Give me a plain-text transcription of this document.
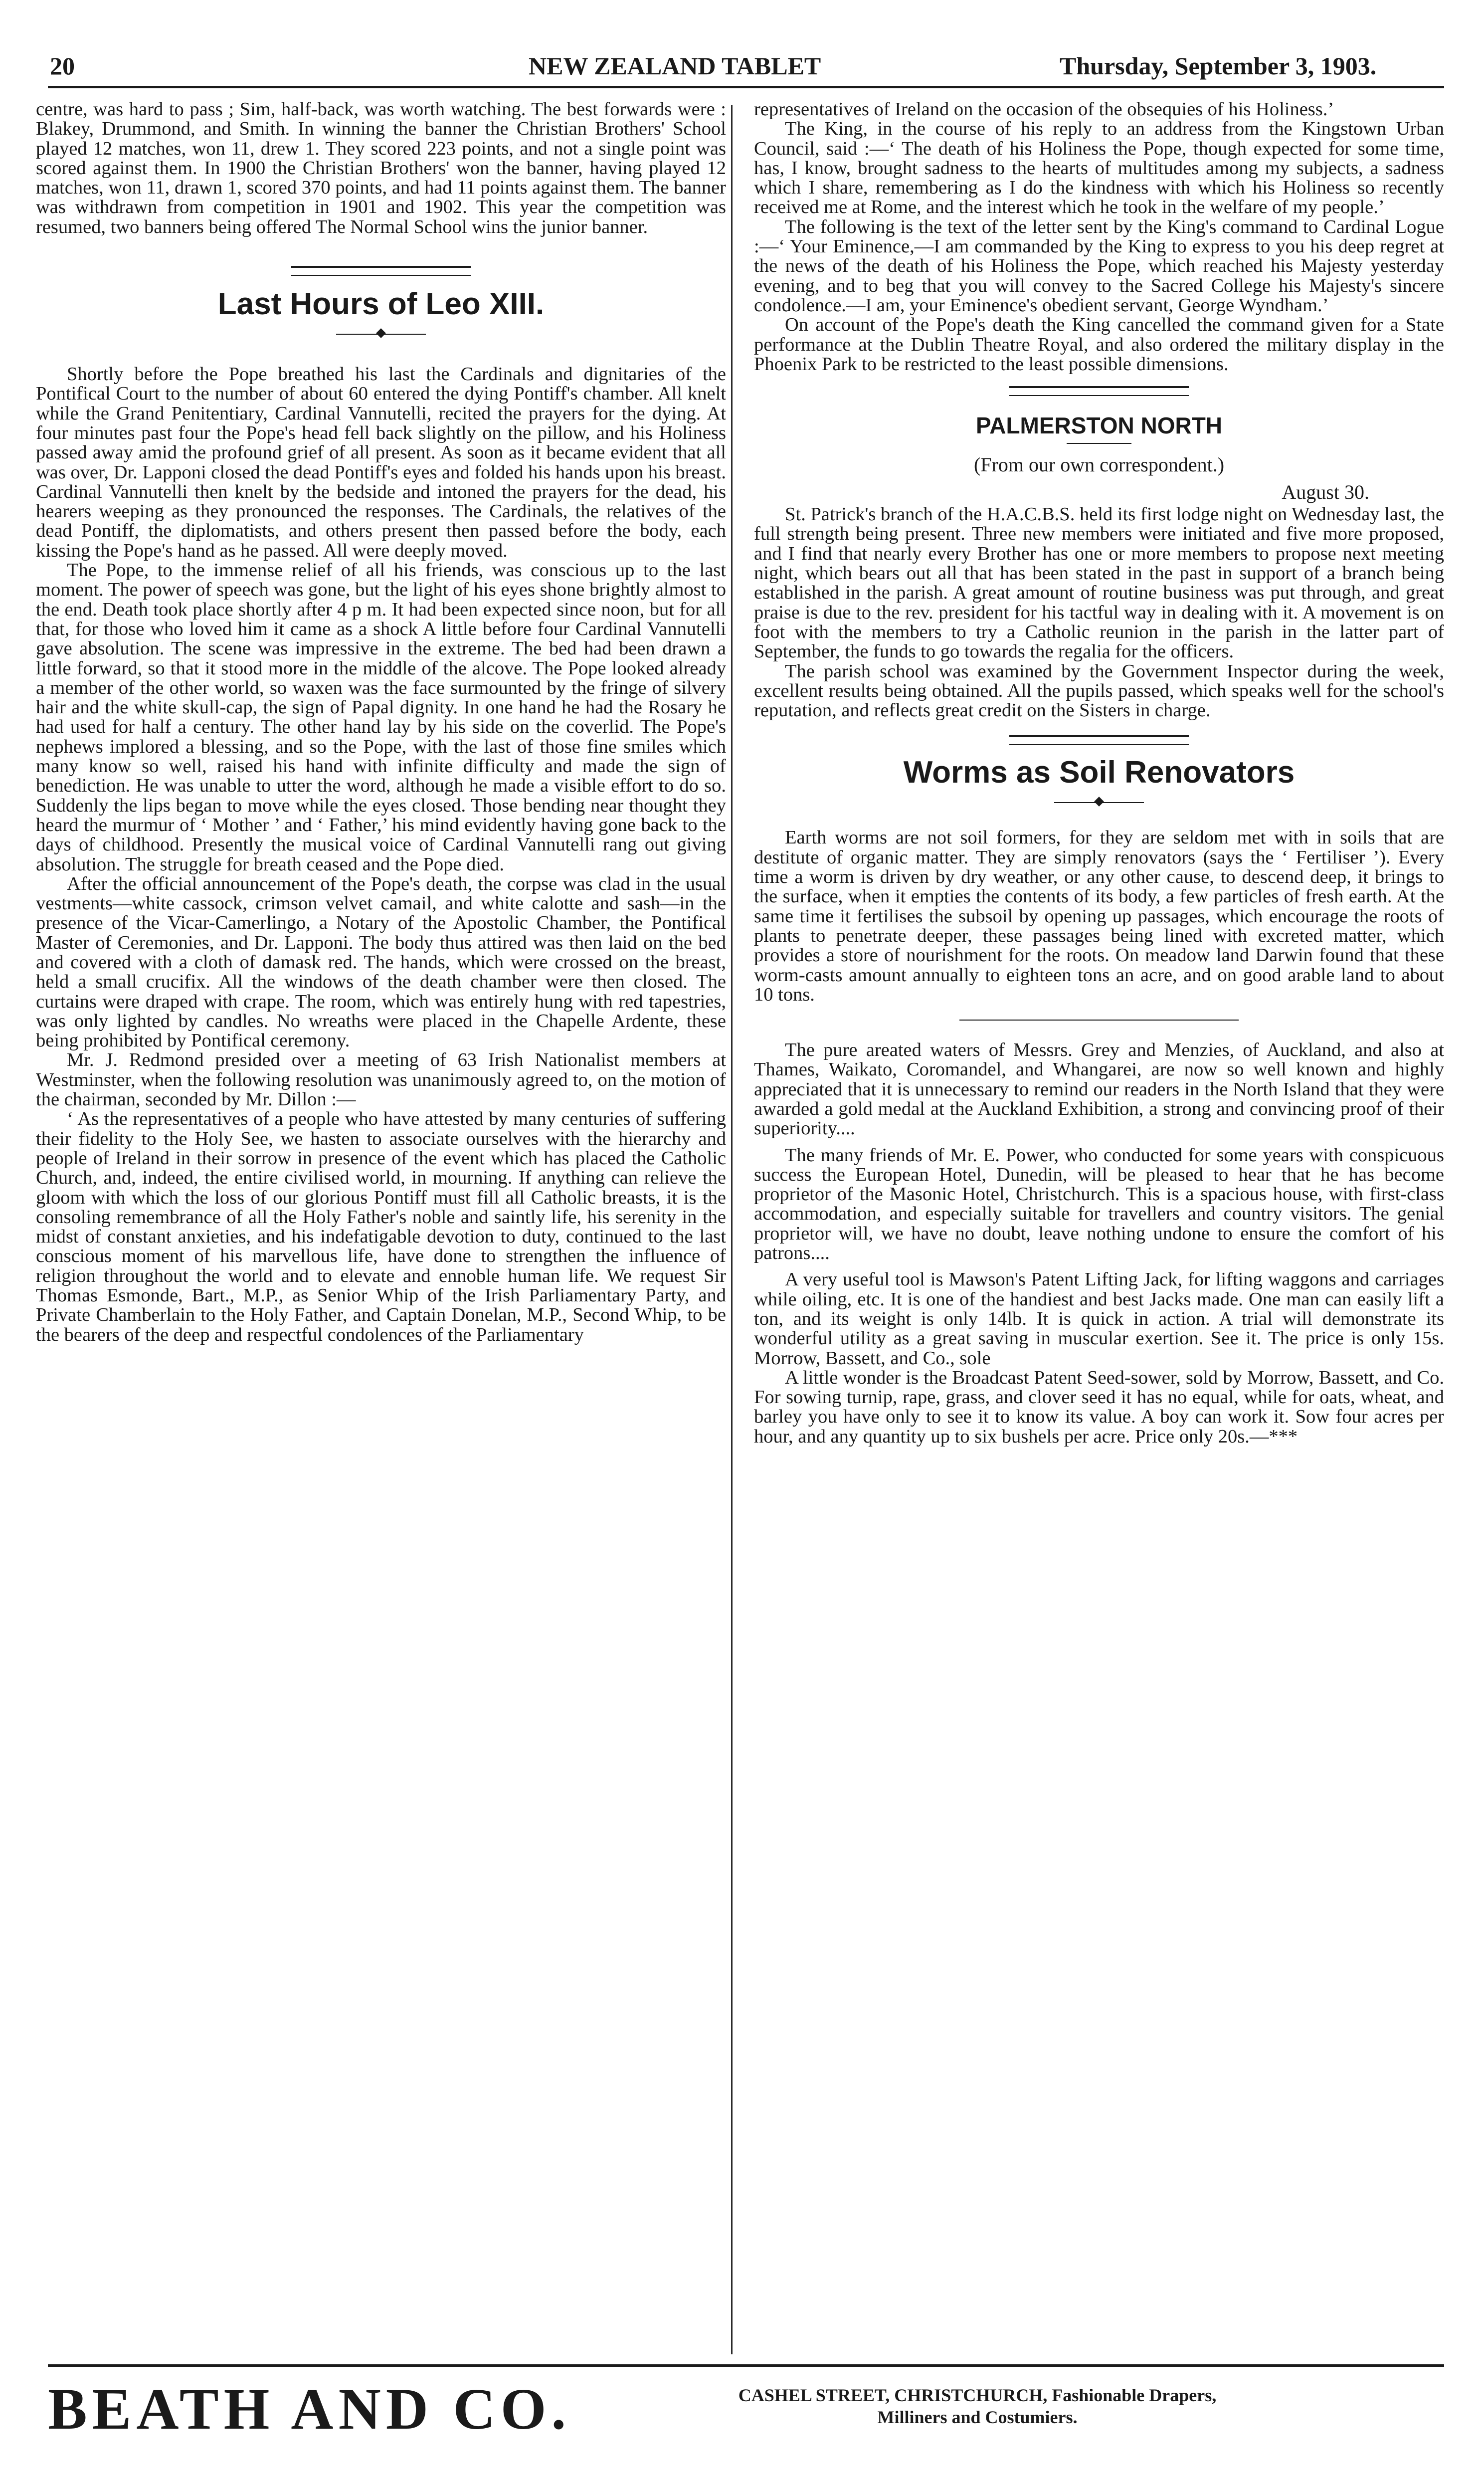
20	NEW ZEALAND TABLET	Thursday, September 3, 1903.

centre, was hard to pass ; Sim, half-back, was worth watching. The best forwards were : Blakey, Drummond, and Smith. In winning the banner the Christian Brothers' School played 12 matches, won 11, drew 1. They scored 223 points, and not a single point was scored against them. In 1900 the Christian Brothers' won the banner, having played 12 matches, won 11, drawn 1, scored 370 points, and had 11 points against them. The banner was withdrawn from competition in 1901 and 1902. This year the competition was resumed, two banners being offered The Normal School wins the junior banner.

Last Hours of Leo XIII.

Shortly before the Pope breathed his last the Cardinals and dignitaries of the Pontifical Court to the number of about 60 entered the dying Pontiff's chamber. All knelt while the Grand Penitentiary, Cardinal Vannutelli, recited the prayers for the dying. At four minutes past four the Pope's head fell back slightly on the pillow, and his Holiness passed away amid the profound grief of all present. As soon as it became evident that all was over, Dr. Lapponi closed the dead Pontiff's eyes and folded his hands upon his breast. Cardinal Vannutelli then knelt by the bedside and intoned the prayers for the dead, his hearers weeping as they pronounced the responses. The Cardinals, the relatives of the dead Pontiff, the diplomatists, and others present then passed before the body, each kissing the Pope's hand as he passed. All were deeply moved.

The Pope, to the immense relief of all his friends, was conscious up to the last moment. The power of speech was gone, but the light of his eyes shone brightly almost to the end. Death took place shortly after 4 p m. It had been expected since noon, but for all that, for those who loved him it came as a shock A little before four Cardinal Vannutelli gave absolution. The scene was impressive in the extreme. The bed had been drawn a little forward, so that it stood more in the middle of the alcove. The Pope looked already a member of the other world, so waxen was the face surmounted by the fringe of silvery hair and the white skull-cap, the sign of Papal dignity. In one hand he had the Rosary he had used for half a century. The other hand lay by his side on the coverlid. The Pope's nephews implored a blessing, and so the Pope, with the last of those fine smiles which many know so well, raised his hand with infinite difficulty and made the sign of benediction. He was unable to utter the word, although he made a visible effort to do so. Suddenly the lips began to move while the eyes closed. Those bending near thought they heard the murmur of ‘ Mother ’ and ‘ Father,’ his mind evidently having gone back to the days of childhood. Presently the musical voice of Cardinal Vannutelli rang out giving absolution. The struggle for breath ceased and the Pope died.

After the official announcement of the Pope's death, the corpse was clad in the usual vestments—white cassock, crimson velvet camail, and white calotte and sash—in the presence of the Vicar-Camerlingo, a Notary of the Apostolic Chamber, the Pontifical Master of Ceremonies, and Dr. Lapponi. The body thus attired was then laid on the bed and covered with a cloth of damask red. The hands, which were crossed on the breast, held a small crucifix. All the windows of the death chamber were then closed. The curtains were draped with crape. The room, which was entirely hung with red tapestries, was only lighted by candles. No wreaths were placed in the Chapelle Ardente, these being prohibited by Pontifical ceremony.

Mr. J. Redmond presided over a meeting of 63 Irish Nationalist members at Westminster, when the following resolution was unanimously agreed to, on the motion of the chairman, seconded by Mr. Dillon :—

‘ As the representatives of a people who have attested by many centuries of suffering their fidelity to the Holy See, we hasten to associate ourselves with the hierarchy and people of Ireland in their sorrow in presence of the event which has placed the Catholic Church, and, indeed, the entire civilised world, in mourning. If anything can relieve the gloom with which the loss of our glorious Pontiff must fill all Catholic breasts, it is the consoling remembrance of all the Holy Father's noble and saintly life, his serenity in the midst of constant anxieties, and his indefatigable devotion to duty, continued to the last conscious moment of his marvellous life, have done to strengthen the influence of religion throughout the world and to elevate and ennoble human life. We request Sir Thomas Esmonde, Bart., M.P., as Senior Whip of the Irish Parliamentary Party, and Private Chamberlain to the Holy Father, and Captain Donelan, M.P., Second Whip, to be the bearers of the deep and respectful condolences of the Parliamentary

representatives of Ireland on the occasion of the obsequies of his Holiness.’

The King, in the course of his reply to an address from the Kingstown Urban Council, said :—‘ The death of his Holiness the Pope, though expected for some time, has, I know, brought sadness to the hearts of multitudes among my subjects, a sadness which I share, remembering as I do the kindness with which his Holiness so recently received me at Rome, and the interest which he took in the welfare of my people.’

The following is the text of the letter sent by the King's command to Cardinal Logue :—‘ Your Eminence,—I am commanded by the King to express to you his deep regret at the news of the death of his Holiness the Pope, which reached his Majesty yesterday evening, and to beg that you will convey to the Sacred College his Majesty's sincere condolence.—I am, your Eminence's obedient servant, George Wyndham.’

On account of the Pope's death the King cancelled the command given for a State performance at the Dublin Theatre Royal, and also ordered the military display in the Phoenix Park to be restricted to the least possible dimensions.

PALMERSTON NORTH

(From our own correspondent.)

August 30.

St. Patrick's branch of the H.A.C.B.S. held its first lodge night on Wednesday last, the full strength being present. Three new members were initiated and five more proposed, and I find that nearly every Brother has one or more members to propose next meeting night, which bears out all that has been stated in the past in support of a branch being established in the parish. A great amount of routine business was put through, and great praise is due to the rev. president for his tactful way in dealing with it. A movement is on foot with the members to try a Catholic reunion in the parish in the latter part of September, the funds to go towards the regalia for the officers.

The parish school was examined by the Government Inspector during the week, excellent results being obtained. All the pupils passed, which speaks well for the school's reputation, and reflects great credit on the Sisters in charge.

Worms as Soil Renovators

Earth worms are not soil formers, for they are seldom met with in soils that are destitute of organic matter. They are simply renovators (says the ‘ Fertiliser ’). Every time a worm is driven by dry weather, or any other cause, to descend deep, it brings to the surface, when it empties the contents of its body, a few particles of fresh earth. At the same time it fertilises the subsoil by opening up passages, which encourage the roots of plants to penetrate deeper, these passages being lined with excreted matter, which provides a store of nourishment for the roots. On meadow land Darwin found that these worm-casts amount annually to eighteen tons an acre, and on good arable land to about 10 tons.

The pure areated waters of Messrs. Grey and Menzies, of Auckland, and also at Thames, Waikato, Coromandel, and Whangarei, are now so well known and highly appreciated that it is unnecessary to remind our readers in the North Island that they were awarded a gold medal at the Auckland Exhibition, a strong and convincing proof of their superiority....

The many friends of Mr. E. Power, who conducted for some years with conspicuous success the European Hotel, Dunedin, will be pleased to hear that he has become proprietor of the Masonic Hotel, Christchurch. This is a spacious house, with first-class accommodation, and especially suitable for travellers and country visitors. The genial proprietor will, we have no doubt, leave nothing undone to ensure the comfort of his patrons....

A very useful tool is Mawson's Patent Lifting Jack, for lifting waggons and carriages while oiling, etc. It is one of the handiest and best Jacks made. One man can easily lift a ton, and its weight is only 14lb. It is quick in action. A trial will demonstrate its wonderful utility as a great saving in muscular exertion. See it. The price is only 15s. Morrow, Bassett, and Co., sole

A little wonder is the Broadcast Patent Seed-sower, sold by Morrow, Bassett, and Co. For sowing turnip, rape, grass, and clover seed it has no equal, while for oats, wheat, and barley you have only to see it to know its value. A boy can work it. Sow four acres per hour, and any quantity up to six bushels per acre. Price only 20s.—***

BEATH AND CO.	CASHEL STREET, CHRISTCHURCH, Fashionable Drapers,
Milliners and Costumiers.
